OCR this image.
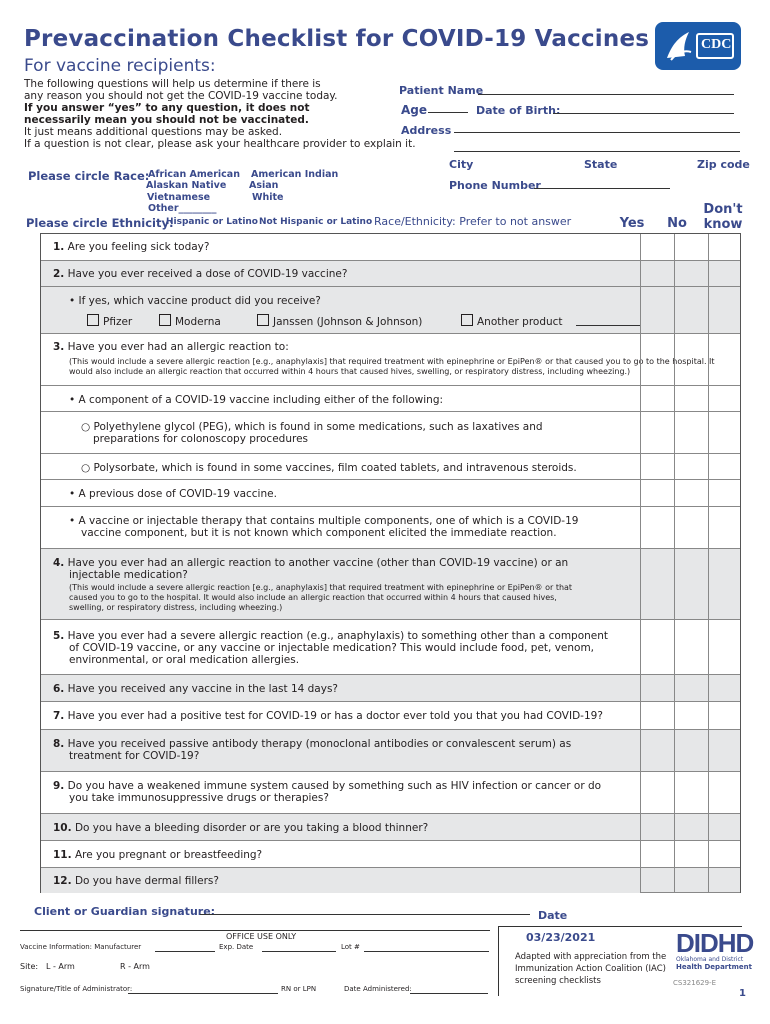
Prevaccination Checklist for COVID-19 Vaccines
For vaccine recipients:
The following questions will help us determine if there is
any reason you should not get the COVID-19 vaccine today.
If you answer “yes” to any question, it does not
necessarily mean you should not be vaccinated.
It just means additional questions may be asked.
If a question is not clear, please ask your healthcare provider to explain it.
CDC
Patient Name
Age	Date of Birth:
Address
City	State	Zip code
Phone Number
Please circle Race:
African American
Alaskan Native
Vietnamese
Other________
American Indian
Asian
White
Please circle Ethnicity:
Hispanic or Latino Not Hispanic or Latino Race/Ethnicity: Prefer to not answer	Yes	No
Don't
know
1. Are you feeling sick today?
2. Have you ever received a dose of COVID-19 vaccine?
• If yes, which vaccine product did you receive?
Pfizer	Moderna	Janssen (Johnson & Johnson)	Another product
3. Have you ever had an allergic reaction to:
(This would include a severe allergic reaction [e.g., anaphylaxis] that required treatment with epinephrine or EpiPen® or that caused you to go to the hospital. It
would also include an allergic reaction that occurred within 4 hours that caused hives, swelling, or respiratory distress, including wheezing.)
• A component of a COVID-19 vaccine including either of the following:
○ Polyethylene glycol (PEG), which is found in some medications, such as laxatives and
preparations for colonoscopy procedures
○ Polysorbate, which is found in some vaccines, film coated tablets, and intravenous steroids.
• A previous dose of COVID-19 vaccine.
• A vaccine or injectable therapy that contains multiple components, one of which is a COVID-19
vaccine component, but it is not known which component elicited the immediate reaction.
4. Have you ever had an allergic reaction to another vaccine (other than COVID-19 vaccine) or an
injectable medication?
(This would include a severe allergic reaction [e.g., anaphylaxis] that required treatment with epinephrine or EpiPen® or that
caused you to go to the hospital. It would also include an allergic reaction that occurred within 4 hours that caused hives,
swelling, or respiratory distress, including wheezing.)
5. Have you ever had a severe allergic reaction (e.g., anaphylaxis) to something other than a component
of COVID-19 vaccine, or any vaccine or injectable medication? This would include food, pet, venom,
environmental, or oral medication allergies.
6. Have you received any vaccine in the last 14 days?
7. Have you ever had a positive test for COVID-19 or has a doctor ever told you that you had COVID-19?
8. Have you received passive antibody therapy (monoclonal antibodies or convalescent serum) as
treatment for COVID-19?
9. Do you have a weakened immune system caused by something such as HIV infection or cancer or do
you take immunosuppressive drugs or therapies?
10. Do you have a bleeding disorder or are you taking a blood thinner?
11. Are you pregnant or breastfeeding?
12. Do you have dermal fillers?
Client or Guardian signature:	Date
03/23/2021
OFFICE USE ONLY
Vaccine Information: Manufacturer	Exp. Date	Lot #
Site: L - Arm	R - Arm
Signature/Title of Administrator:	RN or LPN	Date Administered:
Adapted with appreciation from the
Immunization Action Coalition (IAC)
screening checklists
DIDHD
Oklahoma and District
Health Department
CS321629-E
1
